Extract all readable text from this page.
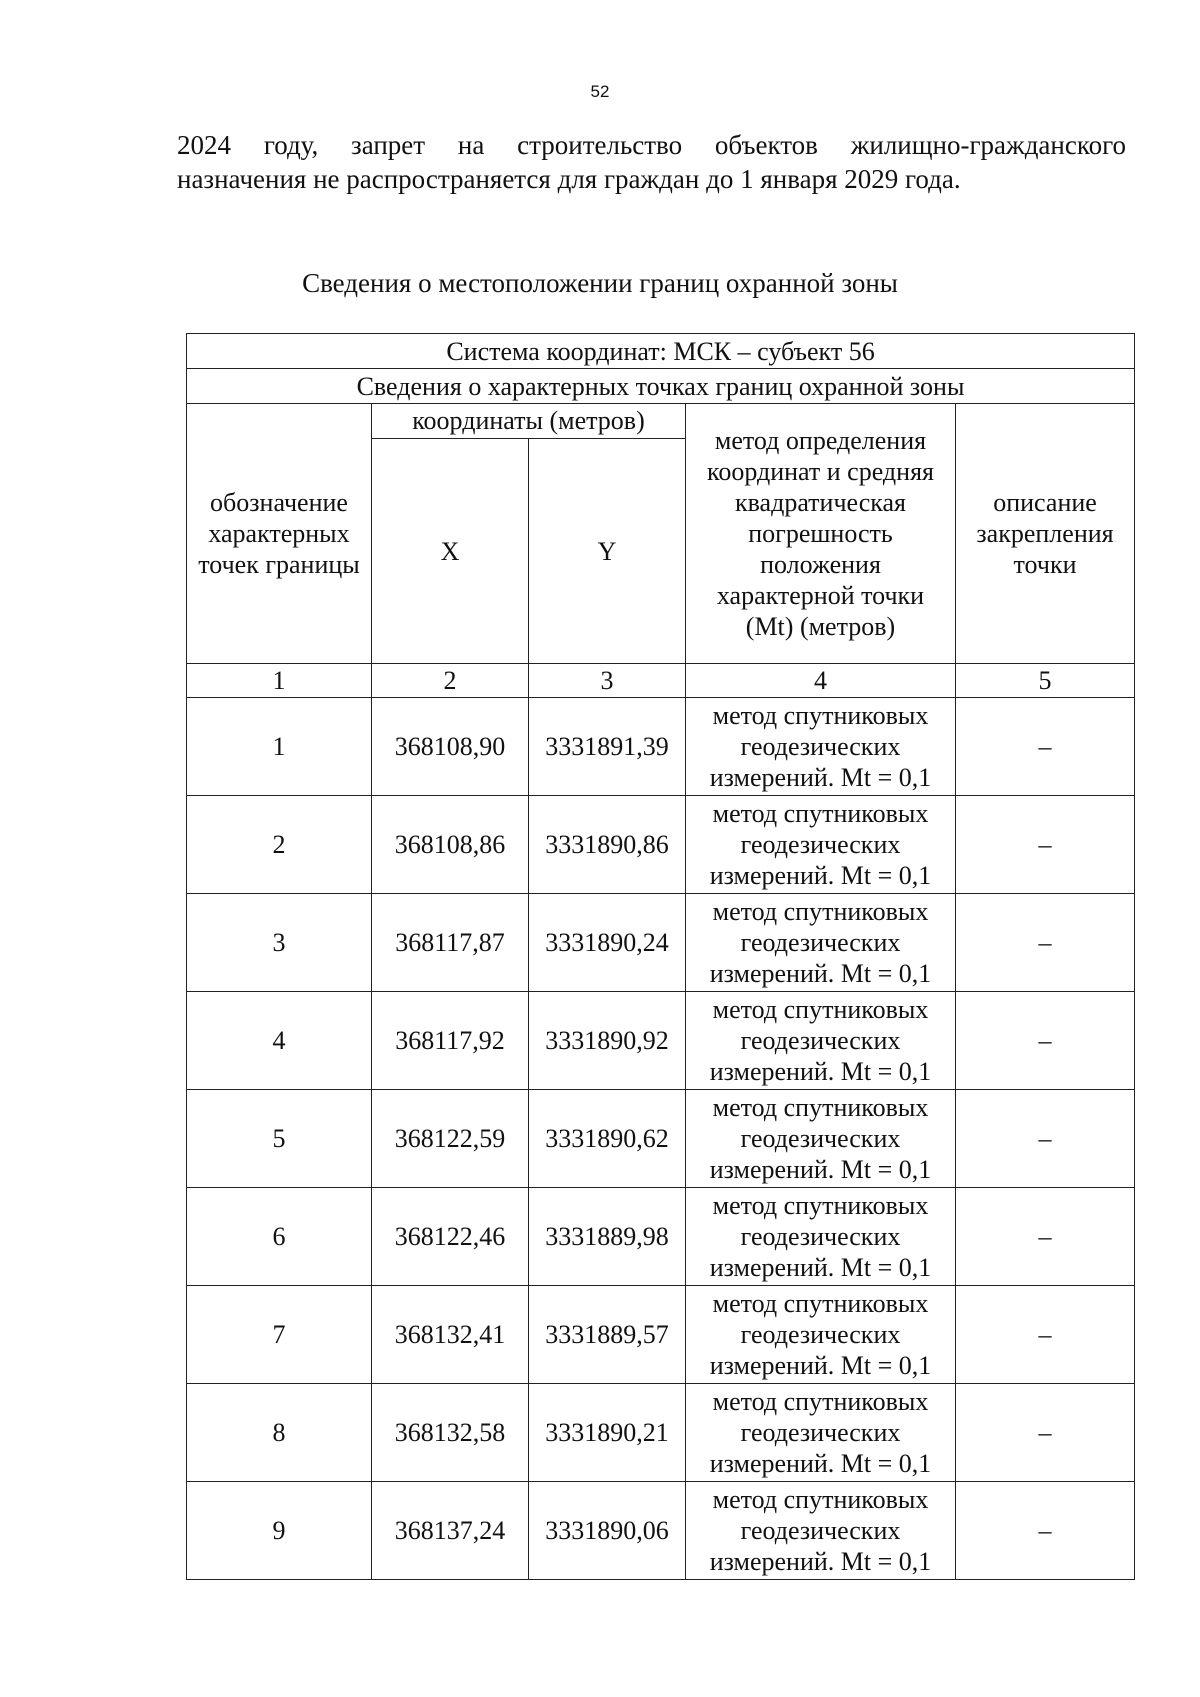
52
2024 году, запрет на строительство объектов жилищно-гражданского
назначения не распространяется для граждан до 1 января 2029 года.
Сведения о местоположении границ охранной зоны
Система координат: МСК – субъект 56				
Сведения о характерных точках границ охранной зоны				
обозначение характерных точек границы	координаты (метров)		метод определения координат и средняя квадратическая погрешность положения характерной точки (Mt) (метров)	описание закрепления точки
	X	Y		
1	2	3	4	5
1	368108,90	3331891,39	метод спутниковых геодезических измерений. Mt = 0,1	–
2	368108,86	3331890,86	метод спутниковых геодезических измерений. Mt = 0,1	–
3	368117,87	3331890,24	метод спутниковых геодезических измерений. Mt = 0,1	–
4	368117,92	3331890,92	метод спутниковых геодезических измерений. Mt = 0,1	–
5	368122,59	3331890,62	метод спутниковых геодезических измерений. Mt = 0,1	–
6	368122,46	3331889,98	метод спутниковых геодезических измерений. Mt = 0,1	–
7	368132,41	3331889,57	метод спутниковых геодезических измерений. Mt = 0,1	–
8	368132,58	3331890,21	метод спутниковых геодезических измерений. Mt = 0,1	–
9	368137,24	3331890,06	метод спутниковых геодезических измерений. Mt = 0,1	–
